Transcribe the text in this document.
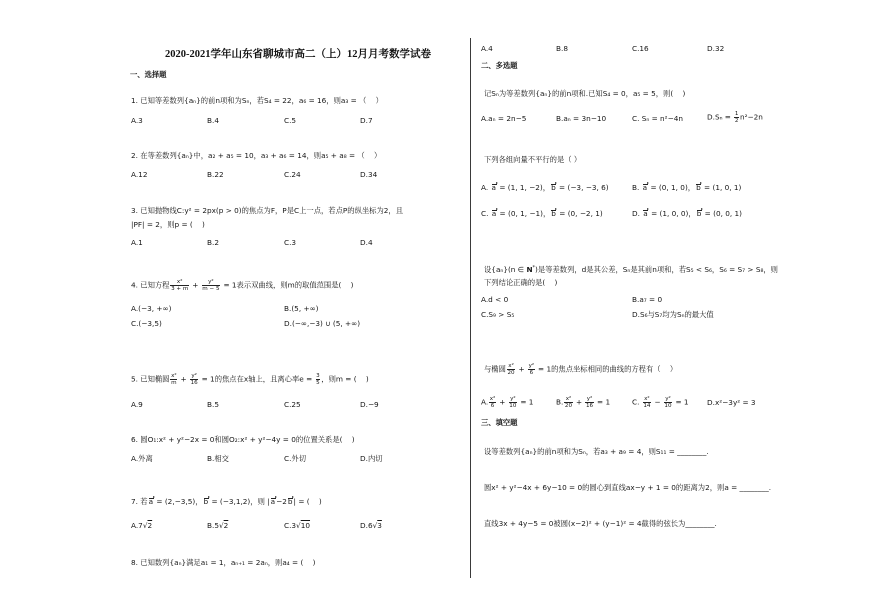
2020-2021学年山东省聊城市高二（上）12月月考数学试卷
一、选择题
1. 已知等差数列{aₙ}的前n项和为Sₙ，若S₄ = 22，a₆ = 16，则a₃ = （    ）
A.3	B.4	C.5	D.7
2. 在等差数列{aₙ}中，a₂ + a₅ = 10，a₃ + a₆ = 14，则a₅ + a₈ = （    ）
A.12	B.22	C.24	D.34
3. 已知抛物线C:y² = 2px(p > 0)的焦点为F，P是C上一点，若点P的纵坐标为2，且
|PF| = 2，则p = (    )
A.1	B.2	C.3	D.4
4. 已知方程 $\frac{\text{x²}}{3 + m} + \frac{\text{y²}}{m - 5} = 1$表示双曲线，则m的取值范围是(    )
A.(−3, +∞)	B.(5, +∞)
C.(−3,5)	D.(−∞,−3) ∪ (5, +∞)
5. 已知椭圆 $\frac{\text{x²}}{m} + \frac{\text{y²}}{16} = 1$的焦点在x轴上，且离心率$e = \frac{3}{5}$ ，则m = (    )
A.9	B.5	C.25	D.−9
6. 圆O₁:x² + y²−2x = 0和圆O₂:x² + y²−4y = 0的位置关系是(    )
A.外离	B.相交	C.外切	D.内切
7. 若a = (2,−3,5)，b = (−3,1,2)，则 |a−2b| = (    )
A.7√2	B.5√2	C.3√10	D.6√3
8. 已知数列{aₙ}满足a₁ = 1，aₙ₊₁ = 2aₙ，则a₄ = (    )
A.4	B.8	C.16	D.32
二、多选题
记Sₙ为等差数列{aₙ}的前n项和.已知S₄ = 0，a₅ = 5，则(    )
A.aₙ = 2n−5	B.aₙ = 3n−10	C. Sₙ = n²−4n	$D.S_n = \frac{1}{2} n^2-2n$
下列各组向量不平行的是（ ）
A. a = (1, 1, −2)，b = (−3, −3, 6)	B. a = (0, 1, 0)，b = (1, 0, 1)
C. a = (0, 1, −1)，b = (0, −2, 1)	D. a = (1, 0, 0)，b = (0, 0, 1)
设{aₙ}(n ∈ N*)是等差数列，d是其公差，Sₙ是其前n项和，若S₅ < S₆，S₆ = S₇ > S₈，则
下列结论正确的是(    )
A.d < 0	B.a₇ = 0
C.S₉ > S₅	D.S₆与S₇均为Sₙ的最大值
与椭圆 $\frac{\text{x²}}{20} + \frac{\text{y²}}{6} = 1$的焦点坐标相同的曲线的方程有（    ）
A. $\frac{\text{x²}}{6} + \frac{\text{y²}}{10} = 1$	B. $\frac{\text{x²}}{20} + \frac{\text{y²}}{16} = 1$	C. $\frac{\text{x²}}{14} - \frac{\text{y²}}{10} = 1$	D.x²−3y² = 3
三、填空题
设等差数列{aₙ}的前n项和为Sₙ，若a₃ + a₉ = 4，则S₁₁ = ________.
圆x² + y²−4x + 6y−10 = 0的圆心到直线ax−y + 1 = 0的距离为2，则a = ________.
直线3x + 4y−5 = 0被圆(x−2)² + (y−1)² = 4截得的弦长为________.
